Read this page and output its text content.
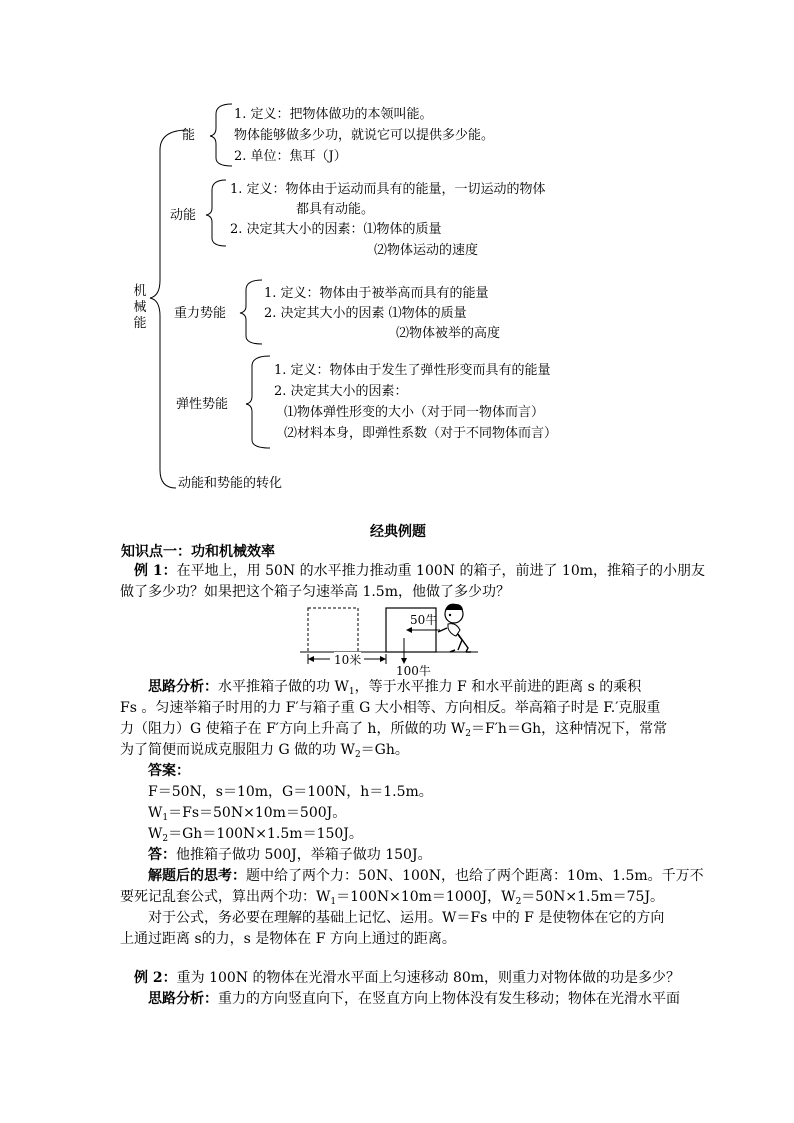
机
械
能
能
1. 定义：把物体做功的本领叫能。
物体能够做多少功，就说它可以提供多少能。
2. 单位：焦耳（J）
动能
1. 定义：物体由于运动而具有的能量，一切运动的物体
都具有动能。
2. 决定其大小的因素：⑴物体的质量
⑵物体运动的速度
重力势能
1. 定义：物体由于被举高而具有的能量
2. 决定其大小的因素 ⑴物体的质量
⑵物体被举的高度
弹性势能
1. 定义：物体由于发生了弹性形变而具有的能量
2. 决定其大小的因素：
⑴物体弹性形变的大小（对于同一物体而言）
⑵材料本身，即弹性系数（对于不同物体而言）
动能和势能的转化
经典例题
知识点一：功和机械效率
例 1：在平地上，用 50N 的水平推力推动重 100N 的箱子，前进了 10m，推箱子的小朋友
做了多少功？如果把这个箱子匀速举高 1.5m，他做了多少功？
50牛
10米
100牛
思路分析：水平推箱子做的功 $W_1$，等于水平推力 F 和水平前进的距离 s 的乘积
Fs 。匀速举箱子时用的力 F′与箱子重 G 大小相等、方向相反。举高箱子时是 F.′克服重
力（阻力）G 使箱子在 F′方向上升高了 h，所做的功 $W_2=F'h=Gh$，这种情况下，常常
为了简便而说成克服阻力 G 做的功 $W_2=Gh$。
答案：
F＝50N，s＝10m，G＝100N，h＝1.5m。
$W_1=Fs=50N\times 10m=500J$。
$W_2=Gh=100N\times 1.5m=150J$。
答：他推箱子做功 500J，举箱子做功 150J。
解题后的思考：题中给了两个力：50N、100N，也给了两个距离：10m、1.5m。千万不
要死记乱套公式，算出两个功：$W_1=100N\times 10m=1000J$，$W_2=50N\times 1.5m=75J$。
对于公式，务必要在理解的基础上记忆、运用。W＝Fs 中的 F 是使物体在它的方向
上通过距离 s的力，s 是物体在 F 方向上通过的距离。
例 2：重为 100N 的物体在光滑水平面上匀速移动 80m，则重力对物体做的功是多少？
思路分析：重力的方向竖直向下，在竖直方向上物体没有发生移动；物体在光滑水平面
